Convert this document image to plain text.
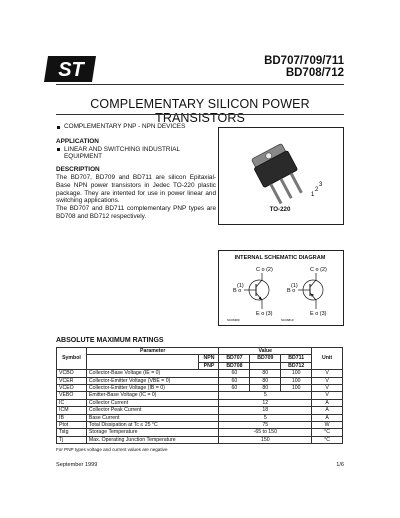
ST	BD707/709/711
BD708/712
COMPLEMENTARY SILICON POWER TRANSISTORS
COMPLEMENTARY PNP - NPN DEVICES
APPLICATION
LINEAR AND SWITCHING INDUSTRIAL
EQUIPMENT
DESCRIPTION

The BD707, BD709 and BD711 are silicon Epitaxial-Base NPN power transistors in Jedec TO-220 plastic package. They are intented for use in power linear and switching applications.

The BD707 and BD711 complementary PNP types are BD708 and BD712 respectively.

3
2
1
TO-220
C o (2)
(1)
B o
E o (3)
SC06380
C o (2)
(1)
B o
E o (3)
SC06810
INTERNAL SCHEMATIC DIAGRAM
ABSOLUTE MAXIMUM RATINGS
Symbol	Parameter		Value			Unit
		NPN	BD707	BD709	BD711	
		PNP	BD708		BD712	
VCBO	Collector-Base Voltage (IE = 0)		60	80	100	V
VCER	Collector-Emitter Voltage (VBE = 0)		60	80	100	V
VCEO	Collector-Emitter Voltage (IB = 0)		60	80	100	V
VEBO	Emitter-Base Voltage (IC = 0)		5			V
IC	Collector Current		12			A
ICM	Collector Peak Current		18			A
IB	Base Current		5			A
Ptot	Total Dissipation at Tc ≤ 25 °C		75			W
Tstg	Storage Temperature		-65 to 150			°C
Tj	Max. Operating Junction Temperature		150			°C
For PNP types voltage and current values are negative
September 1999	1/6
